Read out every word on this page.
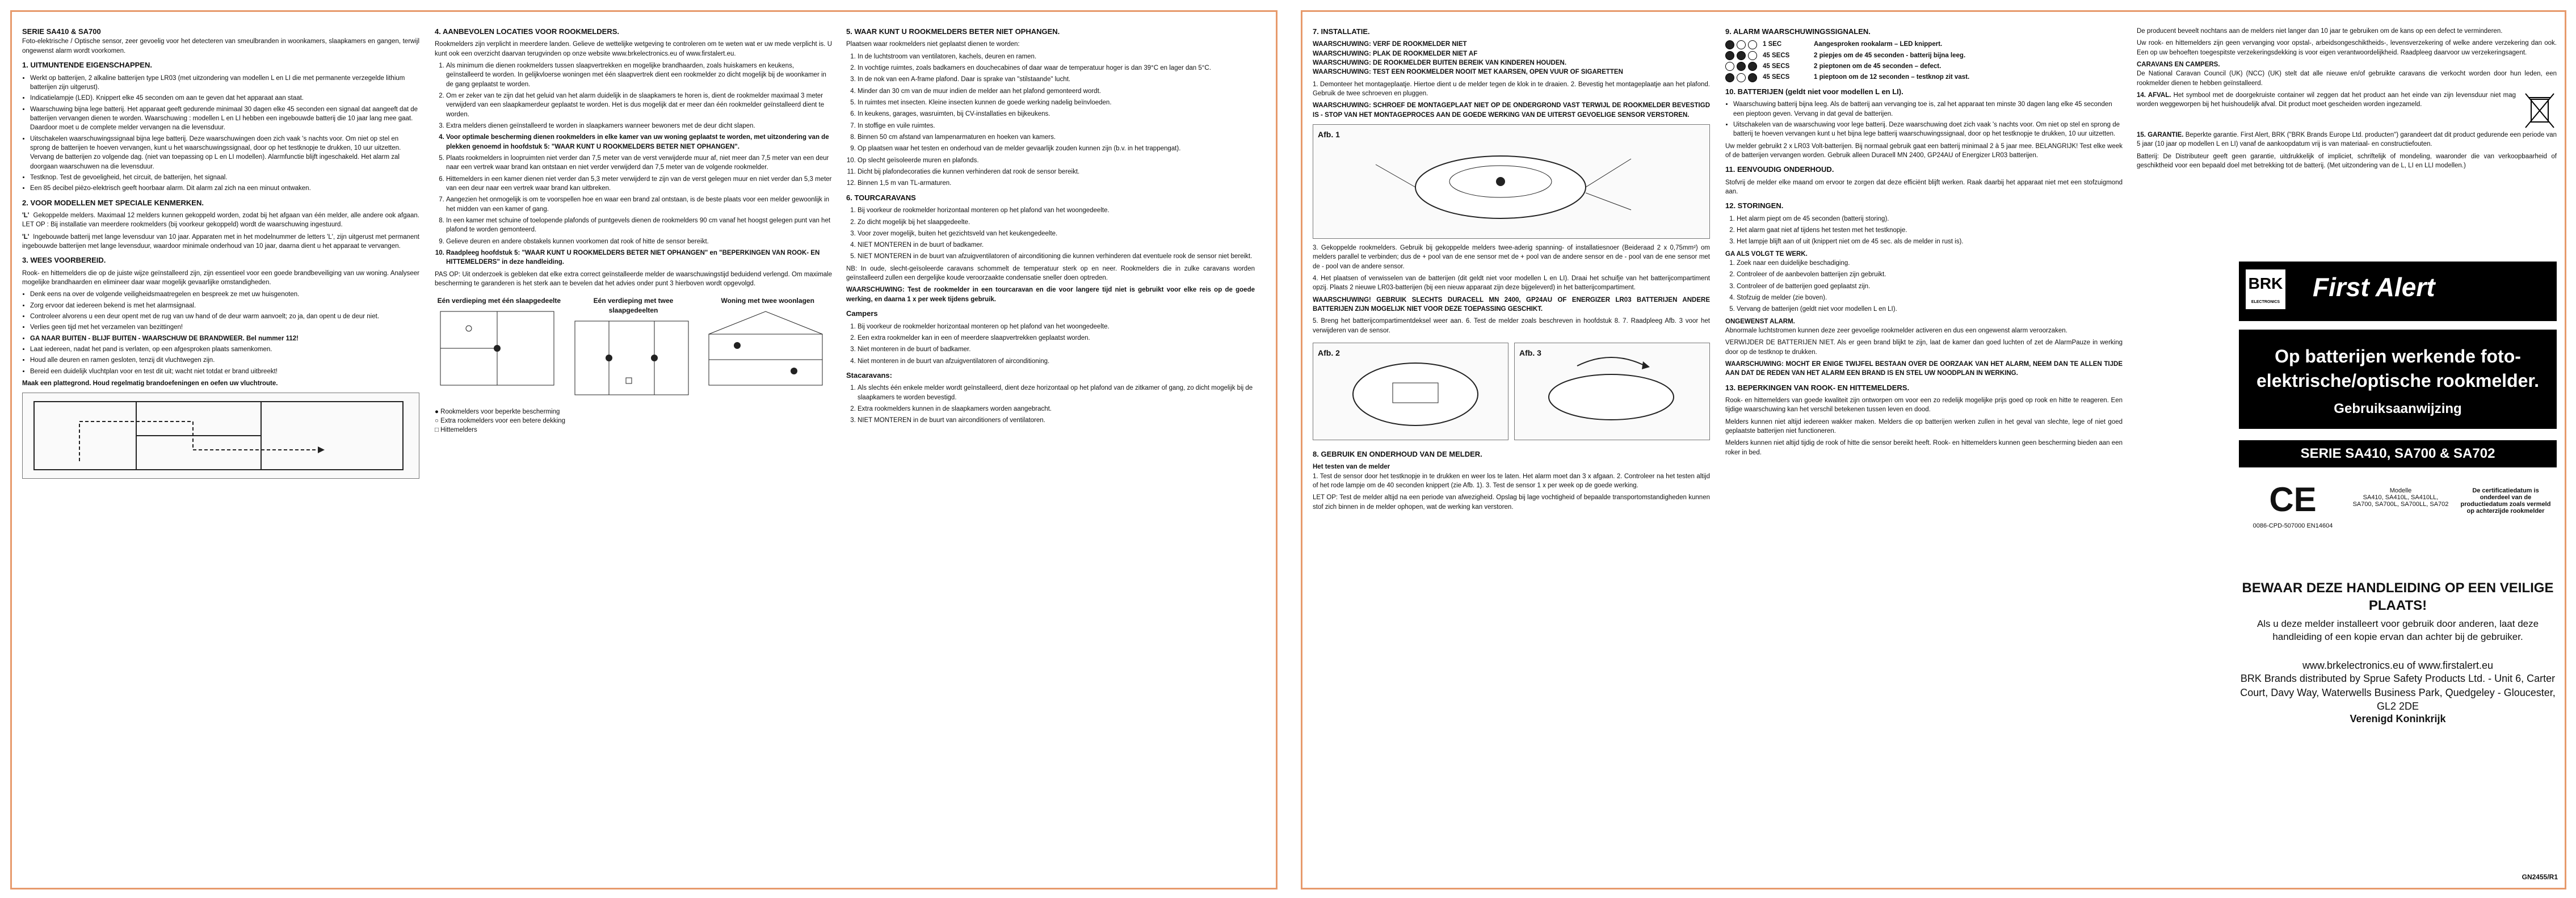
SERIE SA410 & SA700

Foto-elektrische / Optische sensor, zeer gevoelig voor het detecteren van smeulbranden in woonkamers, slaapkamers en gangen, terwijl ongewenst alarm wordt voorkomen.

1. UITMUNTENDE EIGENSCHAPPEN.
• Werkt op batterijen, 2 alkaline batterijen type LR03 (met uitzondering van modellen L en LI die met permanente verzegelde lithium batterijen zijn uitgerust).
• Indicatielampje (LED). Knippert elke 45 seconden om aan te geven dat het apparaat aan staat.
• Waarschuwing bijna lege batterij. Het apparaat geeft gedurende minimaal 30 dagen elke 45 seconden een signaal dat aangeeft dat de batterijen vervangen dienen te worden. Waarschuwing : modellen L en LI hebben een ingebouwde batterij die 10 jaar lang mee gaat. Daardoor moet u de complete melder vervangen na die levensduur.
• Uitschakelen waarschuwingssignaal bijna lege batterij. Deze waarschuwingen doen zich vaak 's nachts voor. Om niet op stel en sprong de batterijen te hoeven vervangen, kunt u het waarschuwingssignaal, door op het testknopje te drukken, 10 uur uitzetten. Vervang de batterijen zo volgende dag. (niet van toepassing op L en LI modellen). Alarmfunctie blijft ingeschakeld. Het alarm zal doorgaan waarschuwen na die levensduur.
• Testknop. Test de gevoeligheid, het circuit, de batterijen, het signaal.
• Een 85 decibel piëzo-elektrisch geeft hoorbaar alarm. Dit alarm zal zich na een minuut ontwaken.
2. VOOR MODELLEN MET SPECIALE KENMERKEN.

'L' Gekoppelde melders. Maximaal 12 melders kunnen gekoppeld worden, zodat bij het afgaan van één melder, alle andere ook afgaan. LET OP : Bij installatie van meerdere rookmelders (bij voorkeur gekoppeld) wordt de waarschuwing ingestuurd.

'L' Ingebouwde batterij met lange levensduur van 10 jaar. Apparaten met in het modelnummer de letters 'L', zijn uitgerust met permanent ingebouwde batterijen met lange levensduur, waardoor minimale onderhoud van 10 jaar, daarna dient u het apparaat te vervangen.

3. WEES VOORBEREID.

Rook- en hittemelders die op de juiste wijze geïnstalleerd zijn, zijn essentieel voor een goede brandbeveiliging van uw woning. Analyseer mogelijke brandhaarden en elimineer daar waar mogelijk gevaarlijke omstandigheden.

• Denk eens na over de volgende veiligheidsmaatregelen en bespreek ze met uw huisgenoten.
• Zorg ervoor dat iedereen bekend is met het alarmsignaal.
• Controleer alvorens u een deur opent met de rug van uw hand of de deur warm aanvoelt; zo ja, dan opent u de deur niet.
• Verlies geen tijd met het verzamelen van bezittingen!
• GA NAAR BUITEN - BLIJF BUITEN - WAARSCHUW DE BRANDWEER. Bel nummer 112!
• Laat iedereen, nadat het pand is verlaten, op een afgesproken plaats samenkomen.
• Houd alle deuren en ramen gesloten, tenzij dit vluchtwegen zijn.
• Bereid een duidelijk vluchtplan voor en test dit uit; wacht niet totdat er brand uitbreekt!
Maak een plattegrond. Houd regelmatig brandoefeningen en oefen uw vluchtroute.
4. AANBEVOLEN LOCATIES VOOR ROOKMELDERS.

Rookmelders zijn verplicht in meerdere landen. Gelieve de wettelijke wetgeving te controleren om te weten wat er uw mede verplicht is. U kunt ook een overzicht daarvan terugvinden op onze website www.brkelectronics.eu of www.firstalert.eu.

1. Als minimum die dienen rookmelders tussen slaapvertrekken en mogelijke brandhaarden, zoals huiskamers en keukens, geïnstalleerd te worden. In gelijkvloerse woningen met één slaapvertrek dient een rookmelder zo dicht mogelijk bij de woonkamer in de gang geplaatst te worden.
2. Om er zeker van te zijn dat het geluid van het alarm duidelijk in de slaapkamers te horen is, dient de rookmelder maximaal 3 meter verwijderd van een slaapkamerdeur geplaatst te worden. Het is dus mogelijk dat er meer dan één rookmelder geïnstalleerd dient te worden.
3. Extra melders dienen geïnstalleerd te worden in slaapkamers wanneer bewoners met de deur dicht slapen.
4. Voor optimale bescherming dienen rookmelders in elke kamer van uw woning geplaatst te worden, met uitzondering van de plekken genoemd in hoofdstuk 5: "WAAR KUNT U ROOKMELDERS BETER NIET OPHANGEN".
5. Plaats rookmelders in loopruimten niet verder dan 7,5 meter van de verst verwijderde muur af, niet meer dan 7,5 meter van een deur naar een vertrek waar brand kan ontstaan en niet verder verwijderd dan 7,5 meter van de volgende rookmelder.
6. Hittemelders in een kamer dienen niet verder dan 5,3 meter verwijderd te zijn van de verst gelegen muur en niet verder dan 5,3 meter van een deur naar een vertrek waar brand kan uitbreken.
7. Aangezien het onmogelijk is om te voorspellen hoe en waar een brand zal ontstaan, is de beste plaats voor een melder gewoonlijk in het midden van een kamer of gang.
8. In een kamer met schuine of toelopende plafonds of puntgevels dienen de rookmelders 90 cm vanaf het hoogst gelegen punt van het plafond te worden gemonteerd.
9. Gelieve deuren en andere obstakels kunnen voorkomen dat rook of hitte de sensor bereikt.
10. Raadpleeg hoofdstuk 5: "WAAR KUNT U ROOKMELDERS BETER NIET OPHANGEN" en "BEPERKINGEN VAN ROOK- EN HITTEMELDERS" in deze handleiding.

PAS OP: Uit onderzoek is gebleken dat elke extra correct geïnstalleerde melder de waarschuwingstijd beduidend verlengd. Om maximale bescherming te garanderen is het sterk aan te bevelen dat het advies onder punt 3 hierboven wordt opgevolgd.

Eén verdieping met één slaapgedeelte	Eén verdieping met twee slaapgedeelten
Woning met twee woonlagen
● Rookmelders voor beperkte bescherming
○ Extra rookmelders voor een betere dekking
□ Hittemelders
5. WAAR KUNT U ROOKMELDERS BETER NIET OPHANGEN.

Plaatsen waar rookmelders niet geplaatst dienen te worden:

1. In de luchtstroom van ventilatoren, kachels, deuren en ramen.
2. In vochtige ruimtes, zoals badkamers en douchecabines of daar waar de temperatuur hoger is dan 39°C en lager dan 5°C.
3. In de nok van een A-frame plafond. Daar is sprake van "stilstaande" lucht.
4. Minder dan 30 cm van de muur indien de melder aan het plafond gemonteerd wordt.
5. In ruimtes met insecten. Kleine insecten kunnen de goede werking nadelig beïnvloeden.
6. In keukens, garages, wasruimten, bij CV-installaties en bijkeukens.
7. In stoffige en vuile ruimtes.
8. Binnen 50 cm afstand van lampenarmaturen en hoeken van kamers.
9. Op plaatsen waar het testen en onderhoud van de melder gevaarlijk zouden kunnen zijn (b.v. in het trappengat).
10. Op slecht geïsoleerde muren en plafonds.
11. Dicht bij plafondecoraties die kunnen verhinderen dat rook de sensor bereikt.
12. Binnen 1,5 m van TL-armaturen.
6. TOURCARAVANS
1. Bij voorkeur de rookmelder horizontaal monteren op het plafond van het woongedeelte.
2. Zo dicht mogelijk bij het slaapgedeelte.
3. Voor zover mogelijk, buiten het gezichtsveld van het keukengedeelte.
4. NIET MONTEREN in de buurt of badkamer.
5. NIET MONTEREN in de buurt van afzuigventilatoren of airconditioning die kunnen verhinderen dat eventuele rook de sensor niet bereikt.

NB: In oude, slecht-geïsoleerde caravans schommelt de temperatuur sterk op en neer. Rookmelders die in zulke caravans worden geïnstalleerd zullen een dergelijke koude veroorzaakte condensatie sneller doen optreden.

WAARSCHUWING: Test de rookmelder in een tourcaravan en die voor langere tijd niet is gebruikt voor elke reis op de goede werking, en daarna 1 x per week tijdens gebruik.

Campers
1. Bij voorkeur de rookmelder horizontaal monteren op het plafond van het woongedeelte.
2. Een extra rookmelder kan in een of meerdere slaapvertrekken geplaatst worden.
3. Niet monteren in de buurt of badkamer.
4. Niet monteren in de buurt van afzuigventilatoren of airconditioning.
Stacaravans:
1. Als slechts één enkele melder wordt geïnstalleerd, dient deze horizontaal op het plafond van de zitkamer of gang, zo dicht mogelijk bij de slaapkamers te worden bevestigd.
2. Extra rookmelders kunnen in de slaapkamers worden aangebracht.
3. NIET MONTEREN in de buurt van airconditioners of ventilatoren.
7. INSTALLATIE.
WAARSCHUWING: VERF DE ROOKMELDER NIET
WAARSCHUWING: PLAK DE ROOKMELDER NIET AF
WAARSCHUWING: DE ROOKMELDER BUITEN BEREIK VAN KINDEREN HOUDEN.
WAARSCHUWING: TEST EEN ROOKMELDER NOOIT MET KAARSEN, OPEN VUUR OF SIGARETTEN

1. Demonteer het montageplaatje. Hiertoe dient u de melder tegen de klok in te draaien. 2. Bevestig het montageplaatje aan het plafond. Gebruik de twee schroeven en pluggen.

WAARSCHUWING: SCHROEF DE MONTAGEPLAAT NIET OP DE ONDERGROND VAST TERWIJL DE ROOKMELDER BEVESTIGD IS - STOP VAN HET MONTAGEPROCES AAN DE GOEDE WERKING VAN DE UITERST GEVOELIGE SENSOR VERSTOREN.

Afb. 1

3. Gekoppelde rookmelders. Gebruik bij gekoppelde melders twee-aderig spanning- of installatiesnoer (Beideraad 2 x 0,75mm²) om melders parallel te verbinden; dus de + pool van de ene sensor met de + pool van de andere sensor en de - pool van de ene sensor met de - pool van de andere sensor.

4. Het plaatsen of verwisselen van de batterijen (dit geldt niet voor modellen L en LI). Draai het schuifje van het batterijcompartiment opzij. Plaats 2 nieuwe LR03-batterijen (bij een nieuw apparaat zijn deze bijgeleverd) in het batterijcompartiment.

WAARSCHUWING! GEBRUIK SLECHTS DURACELL MN 2400, GP24AU OF ENERGIZER LR03 BATTERIJEN ANDERE BATTERIJEN ZIJN MOGELIJK NIET VOOR DEZE TOEPASSING GESCHIKT.

5. Breng het batterijcompartimentdeksel weer aan. 6. Test de melder zoals beschreven in hoofdstuk 8. 7. Raadpleeg Afb. 3 voor het verwijderen van de sensor.

Afb. 2	Afb. 3
8. GEBRUIK EN ONDERHOUD VAN DE MELDER.
Het testen van de melder

1. Test de sensor door het testknopje in te drukken en weer los te laten. Het alarm moet dan 3 x afgaan. 2. Controleer na het testen altijd of het rode lampje om de 40 seconden knippert (zie Afb. 1). 3. Test de sensor 1 x per week op de goede werking.

LET OP: Test de melder altijd na een periode van afwezigheid. Opslag bij lage vochtigheid of bepaalde transportomstandigheden kunnen stof zich binnen in de melder ophopen, wat de werking kan verstoren.

9. ALARM WAARSCHUWINGSSIGNALEN.
1 SEC	Aangesproken rookalarm – LED knippert.
45 SECS	2 piepjes om de 45 seconden - batterij bijna leeg.
45 SECS	2 pieptonen om de 45 seconden – defect.
45 SECS	1 pieptoon om de 12 seconden – testknop zit vast.
10. BATTERIJEN (geldt niet voor modellen L en LI).
• Waarschuwing batterij bijna leeg. Als de batterij aan vervanging toe is, zal het apparaat ten minste 30 dagen lang elke 45 seconden een pieptoon geven. Vervang in dat geval de batterijen.
• Uitschakelen van de waarschuwing voor lege batterij. Deze waarschuwing doet zich vaak 's nachts voor. Om niet op stel en sprong de batterij te hoeven vervangen kunt u het bijna lege batterij waarschuwingssignaal, door op het testknopje te drukken, 10 uur uitzetten.

Uw melder gebruikt 2 x LR03 Volt-batterijen. Bij normaal gebruik gaat een batterij minimaal 2 à 5 jaar mee. BELANGRIJK! Test elke week of de batterijen vervangen worden. Gebruik alleen Duracell MN 2400, GP24AU of Energizer LR03 batterijen.

11. EENVOUDIG ONDERHOUD.

Stofvrij de melder elke maand om ervoor te zorgen dat deze efficiënt blijft werken. Raak daarbij het apparaat niet met een stofzuigmond aan.

12. STORINGEN.
1. Het alarm piept om de 45 seconden (batterij storing).
2. Het alarm gaat niet af tijdens het testen met het testknopje.
3. Het lampje blijft aan of uit (knippert niet om de 45 sec. als de melder in rust is).
GA ALS VOLGT TE WERK.
1. Zoek naar een duidelijke beschadiging.
2. Controleer of de aanbevolen batterijen zijn gebruikt.
3. Controleer of de batterijen goed geplaatst zijn.
4. Stofzuig de melder (zie boven).
5. Vervang de batterijen (geldt niet voor modellen L en LI).
ONGEWENST ALARM.

Abnormale luchtstromen kunnen deze zeer gevoelige rookmelder activeren en dus een ongewenst alarm veroorzaken.

VERWIJDER DE BATTERIJEN NIET. Als er geen brand blijkt te zijn, laat de kamer dan goed luchten of zet de AlarmPauze in werking door op de testknop te drukken.

WAARSCHUWING: MOCHT ER ENIGE TWIJFEL BESTAAN OVER DE OORZAAK VAN HET ALARM, NEEM DAN TE ALLEN TIJDE AAN DAT DE REDEN VAN HET ALARM EEN BRAND IS EN STEL UW NOODPLAN IN WERKING.

13. BEPERKINGEN VAN ROOK- EN HITTEMELDERS.

Rook- en hittemelders van goede kwaliteit zijn ontworpen om voor een zo redelijk mogelijke prijs goed op rook en hitte te reageren. Een tijdige waarschuwing kan het verschil betekenen tussen leven en dood.

Melders kunnen niet altijd iedereen wakker maken. Melders die op batterijen werken zullen in het geval van slechte, lege of niet goed geplaatste batterijen niet functioneren.

Melders kunnen niet altijd tijdig de rook of hitte die sensor bereikt heeft. Rook- en hittemelders kunnen geen bescherming bieden aan een roker in bed.

De producent beveelt nochtans aan de melders niet langer dan 10 jaar te gebruiken om de kans op een defect te verminderen.

Uw rook- en hittemelders zijn geen vervanging voor opstal-, arbeidsongeschiktheids-, levensverzekering of welke andere verzekering dan ook. Een op uw behoeften toegespitste verzekeringsdekking is voor eigen verantwoordelijkheid. Raadpleeg daarvoor uw verzekeringsagent.

CARAVANS EN CAMPERS.

De National Caravan Council (UK) (NCC) (UK) stelt dat alle nieuwe en/of gebruikte caravans die verkocht worden door hun leden, een rookmelder dienen te hebben geïnstalleerd.

14. AFVAL. Het symbool met de doorgekruiste container wil zeggen dat het product aan het einde van zijn levensduur niet mag worden weggeworpen bij het huishoudelijk afval. Dit product moet gescheiden worden ingezameld.

15. GARANTIE. Beperkte garantie. First Alert, BRK ("BRK Brands Europe Ltd. producten") garandeert dat dit product gedurende een periode van 5 jaar (10 jaar op modellen L en LI) vanaf de aankoopdatum vrij is van materiaal- en constructiefouten.

Batterij: De Distributeur geeft geen garantie, uitdrukkelijk of impliciet, schriftelijk of mondeling, waaronder die van verkoopbaarheid of geschiktheid voor een bepaald doel met betrekking tot de batterij. (Met uitzondering van de L, LI en LLI modellen.)

BRK
ELECTRONICS
First Alert
Op batterijen werkende foto-elektrische/optische rookmelder.
Gebruiksaanwijzing
SERIE SA410, SA700 & SA702
CE
0086-CPD-507000 EN14604
Modelle
SA410, SA410L, SA410LL, SA700, SA700L, SA700LL, SA702
De certificatiedatum is onderdeel van de productiedatum zoals vermeld op achterzijde rookmelder
BEWAAR DEZE HANDLEIDING OP EEN VEILIGE PLAATS!
Als u deze melder installeert voor gebruik door anderen, laat deze handleiding of een kopie ervan dan achter bij de gebruiker.
www.brkelectronics.eu of www.firstalert.eu
BRK Brands distributed by Sprue Safety Products Ltd. - Unit 6, Carter Court, Davy Way, Waterwells Business Park, Quedgeley - Gloucester, GL2 2DE
Verenigd Koninkrijk
GN2455/R1
